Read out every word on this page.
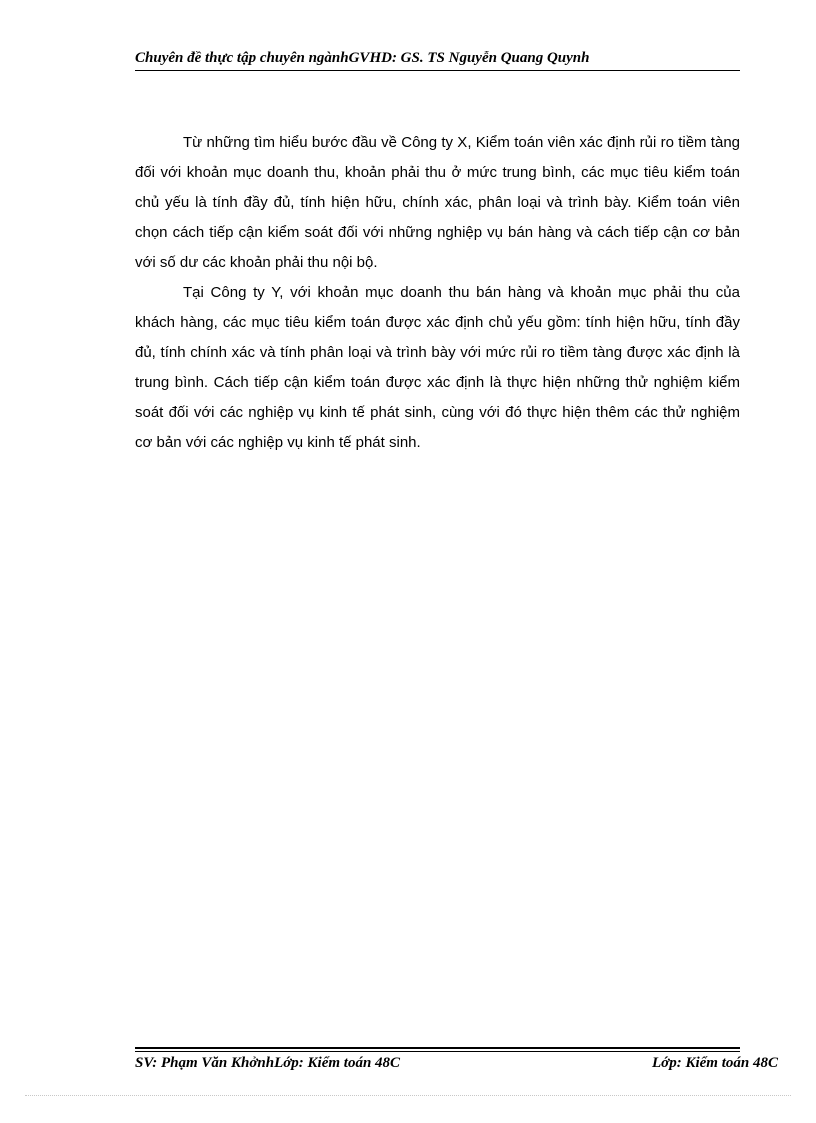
Chuyên đề thực tập chuyên ngànhGVHD: GS. TS Nguyễn Quang Quynh

Từ những tìm hiểu bước đầu về Công ty X, Kiểm toán viên xác định rủi ro tiềm tàng đối với khoản mục doanh thu, khoản phải thu ở mức trung bình, các mục tiêu kiểm toán chủ yếu là tính đầy đủ, tính hiện hữu, chính xác, phân loại và trình bày. Kiểm toán viên chọn cách tiếp cận kiểm soát đối với những nghiệp vụ bán hàng và cách tiếp cận cơ bản với số dư các khoản phải thu nội bộ.

Tại Công ty Y, với khoản mục doanh thu bán hàng và khoản mục phải thu của khách hàng, các mục tiêu kiểm toán được xác định chủ yếu gồm: tính hiện hữu, tính đầy đủ, tính chính xác và tính phân loại và trình bày với mức rủi ro tiềm tàng được xác định là trung bình. Cách tiếp cận kiểm toán được xác định là thực hiện những thử nghiệm kiểm soát đối với các nghiệp vụ kinh tế phát sinh, cùng với đó thực hiện thêm các thử nghiệm cơ bản với các nghiệp vụ kinh tế phát sinh.

SV: Phạm Văn KhởnhLớp: Kiểm toán 48C	Lớp: Kiểm toán 48C
